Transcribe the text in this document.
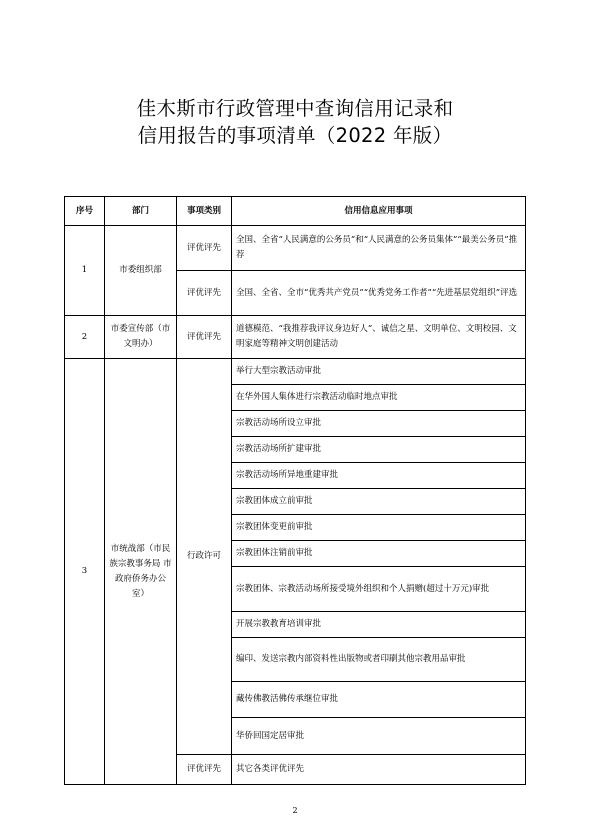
佳木斯市行政管理中查询信用记录和
信用报告的事项清单（2022 年版）
序号	部门	事项类别	信用信息应用事项
1	市委组织部	评优评先	全国、全省“人民满意的公务员”和“人民满意的公务员集体”“最美公务员”推荐
		评优评先	全国、全省、全市“优秀共产党员”“优秀党务工作者”“先进基层党组织”评选
2	市委宣传部（市文明办）	评优评先	道德模范、“我推荐我评议身边好人”、诚信之星、文明单位、文明校园、文明家庭等精神文明创建活动
3	市统战部（市民族宗教事务局 市政府侨务办公室）	行政许可	举行大型宗教活动审批
			在华外国人集体进行宗教活动临时地点审批
			宗教活动场所设立审批
			宗教活动场所扩建审批
			宗教活动场所异地重建审批
			宗教团体成立前审批
			宗教团体变更前审批
			宗教团体注销前审批
			宗教团体、宗教活动场所接受境外组织和个人捐赠(超过十万元)审批
			开展宗教教育培训审批
			编印、发送宗教内部资料性出版物或者印刷其他宗教用品审批
			藏传佛教活佛传承继位审批
			华侨回国定居审批
		评优评先	其它各类评优评先
2
